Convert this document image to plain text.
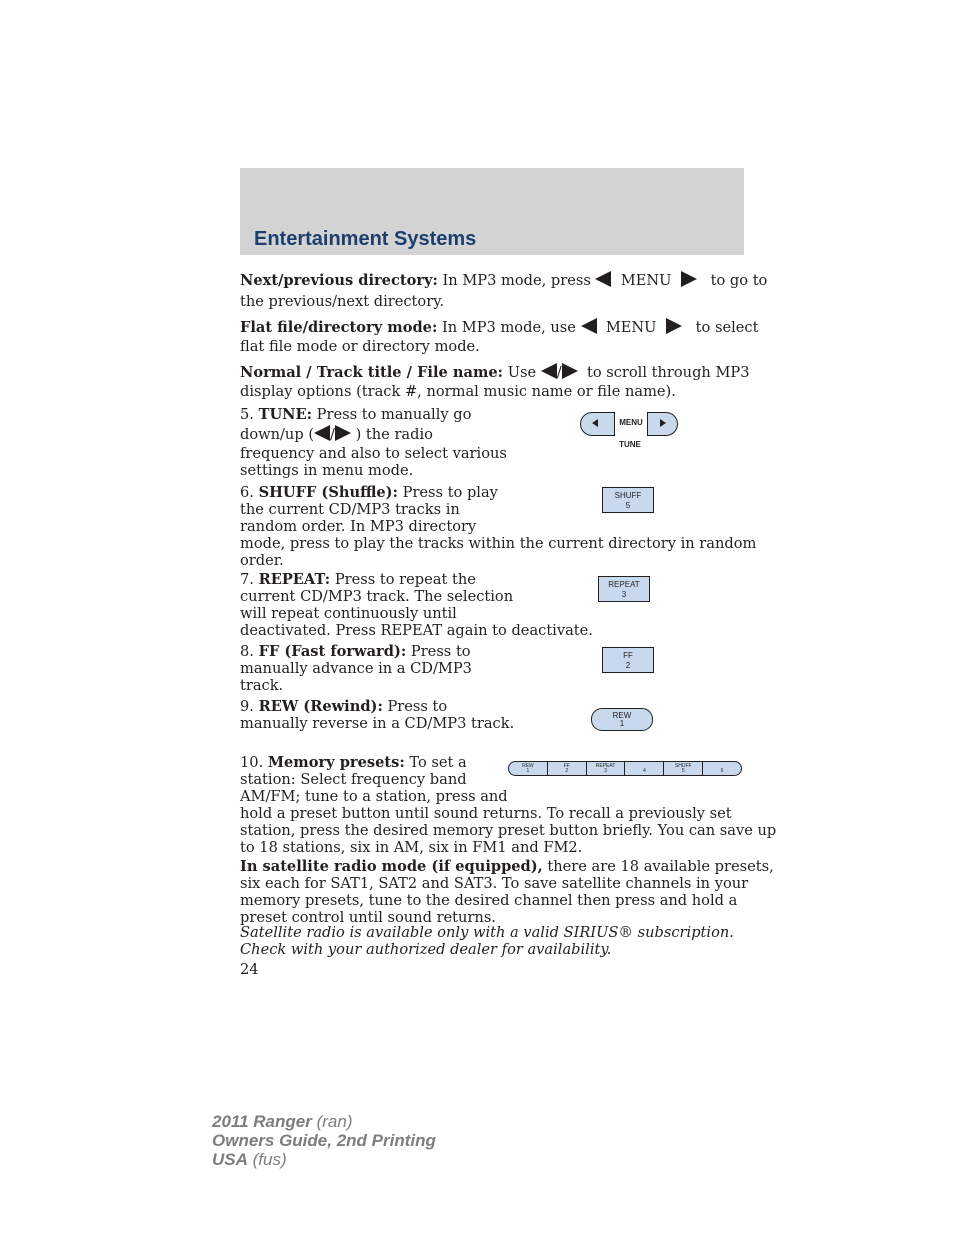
Entertainment Systems
Next/previous directory: In MP3 mode, press   MENU     to go to
the previous/next directory.
Flat file/directory mode: In MP3 mode, use   MENU     to select
flat file mode or directory mode.
Normal / Track title / File name: Use /  to scroll through MP3
display options (track #, normal music name or file name).
5. TUNE: Press to manually go
down/up ( / ) the radio
frequency and also to select various
settings in menu mode.
MENU
TUNE
6. SHUFF (Shuffle): Press to play
the current CD/MP3 tracks in
random order. In MP3 directory
mode, press to play the tracks within the current directory in random
order.
SHUFF
5
7. REPEAT: Press to repeat the
current CD/MP3 track. The selection
will repeat continuously until
deactivated. Press REPEAT again to deactivate.
REPEAT
3
8. FF (Fast forward): Press to
manually advance in a CD/MP3
track.
FF
2
9. REW (Rewind): Press to
manually reverse in a CD/MP3 track.	REW
1
10. Memory presets: To set a
station: Select frequency band
AM/FM; tune to a station, press and
hold a preset button until sound returns. To recall a previously set
station, press the desired memory preset button briefly. You can save up
to 18 stations, six in AM, six in FM1 and FM2.
REW
1
FF
2
REPEAT
3	4
SHUFF
5	6
In satellite radio mode (if equipped), there are 18 available presets,
six each for SAT1, SAT2 and SAT3. To save satellite channels in your
memory presets, tune to the desired channel then press and hold a
preset control until sound returns.
Satellite radio is available only with a valid SIRIUS® subscription.
Check with your authorized dealer for availability.
24
2011 Ranger (ran)
Owners Guide, 2nd Printing
USA (fus)
